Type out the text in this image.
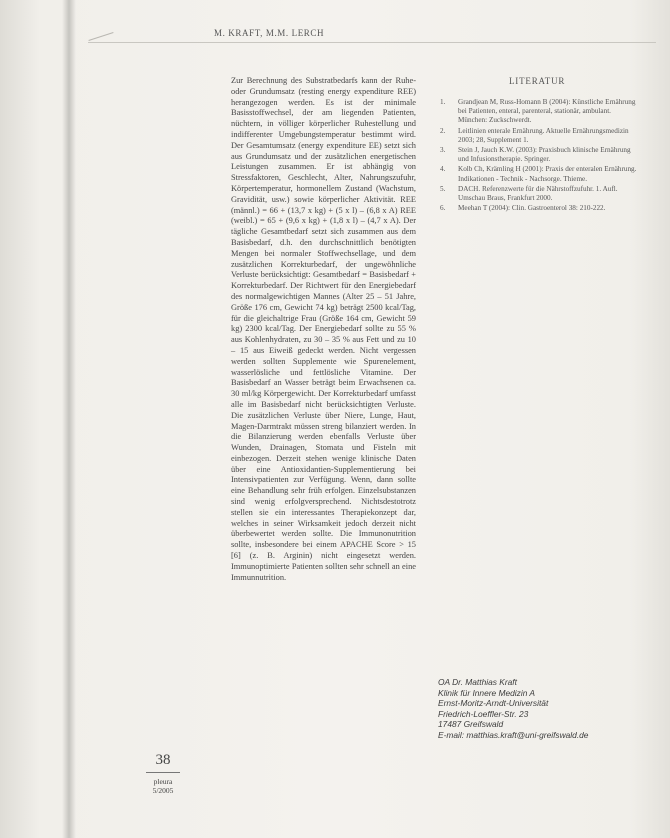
M. KRAFT, M.M. LERCH

Zur Berechnung des Substratbedarfs kann der Ruhe- oder Grundumsatz (resting energy expenditure REE) herangezogen werden. Es ist der minimale Basisstoffwechsel, der am liegenden Patienten, nüchtern, in völliger körperlicher Ruhestellung und indifferenter Umgebungstemperatur bestimmt wird. Der Gesamtumsatz (energy expenditure EE) setzt sich aus Grundumsatz und der zusätzlichen energetischen Leistungen zusammen. Er ist abhängig von Stressfaktoren, Geschlecht, Alter, Nahrungszufuhr, Körpertemperatur, hormonellem Zustand (Wachstum, Gravidität, usw.) sowie körperlicher Aktivität. REE (männl.) = 66 + (13,7 x kg) + (5 x l) – (6,8 x A) REE (weibl.) = 65 + (9,6 x kg) + (1,8 x l) – (4,7 x A). Der tägliche Gesamtbedarf setzt sich zusammen aus dem Basisbedarf, d.h. den durchschnittlich benötigten Mengen bei normaler Stoffwechsellage, und dem zusätzlichen Korrekturbedarf, der ungewöhnliche Verluste berücksichtigt: Gesamtbedarf = Basisbedarf + Korrekturbedarf. Der Richtwert für den Energiebedarf des normalgewichtigen Mannes (Alter 25 – 51 Jahre, Größe 176 cm, Gewicht 74 kg) beträgt 2500 kcal/Tag, für die gleichaltrige Frau (Größe 164 cm, Gewicht 59 kg) 2300 kcal/Tag. Der Energiebedarf sollte zu 55 % aus Kohlenhydraten, zu 30 – 35 % aus Fett und zu 10 – 15 aus Eiweiß gedeckt werden. Nicht vergessen werden sollten Supplemente wie Spurenelement, wasserlösliche und fettlösliche Vitamine. Der Basisbedarf an Wasser beträgt beim Erwachsenen ca. 30 ml/kg Körpergewicht. Der Korrekturbedarf umfasst alle im Basisbedarf nicht berücksichtigten Verluste. Die zusätzlichen Verluste über Niere, Lunge, Haut, Magen-Darmtrakt müssen streng bilanziert werden. In die Bilanzierung werden ebenfalls Verluste über Wunden, Drainagen, Stomata und Fisteln mit einbezogen. Derzeit stehen wenige klinische Daten über eine Antioxidantien-Supplementierung bei Intensivpatienten zur Verfügung. Wenn, dann sollte eine Behandlung sehr früh erfolgen. Einzelsubstanzen sind wenig erfolgversprechend. Nichtsdestotrotz stellen sie ein interessantes Therapiekonzept dar, welches in seiner Wirksamkeit jedoch derzeit nicht überbewertet werden sollte. Die Immunonutrition sollte, insbesondere bei einem APACHE Score > 15 [6] (z. B. Arginin) nicht eingesetzt werden. Immunoptimierte Patienten sollten sehr schnell an eine Immunnutrition.

LITERATUR
1. Grandjean M, Russ-Homann B (2004): Künstliche Ernährung bei Patienten, enteral, parenteral, stationär, ambulant. München: Zuckschwerdt.
2. Leitlinien enterale Ernährung. Aktuelle Ernährungsmedizin 2003; 28, Supplement 1.
3. Stein J, Jauch K.W. (2003): Praxisbuch klinische Ernährung und Infusionstherapie. Springer.
4. Kolb Ch, Krämling H (2001): Praxis der enteralen Ernährung. Indikationen - Technik - Nachsorge. Thieme.
5. DACH. Referenzwerte für die Nährstoffzufuhr. 1. Aufl. Umschau Braus, Frankfurt 2000.
6. Meehan T (2004): Clin. Gastroenterol 38: 210-222.
OA Dr. Matthias Kraft
Klinik für Innere Medizin A
Ernst-Moritz-Arndt-Universität
Friedrich-Loeffler-Str. 23
17487 Greifswald
E-mail: matthias.kraft@uni-greifswald.de
38
pleura
5/2005
